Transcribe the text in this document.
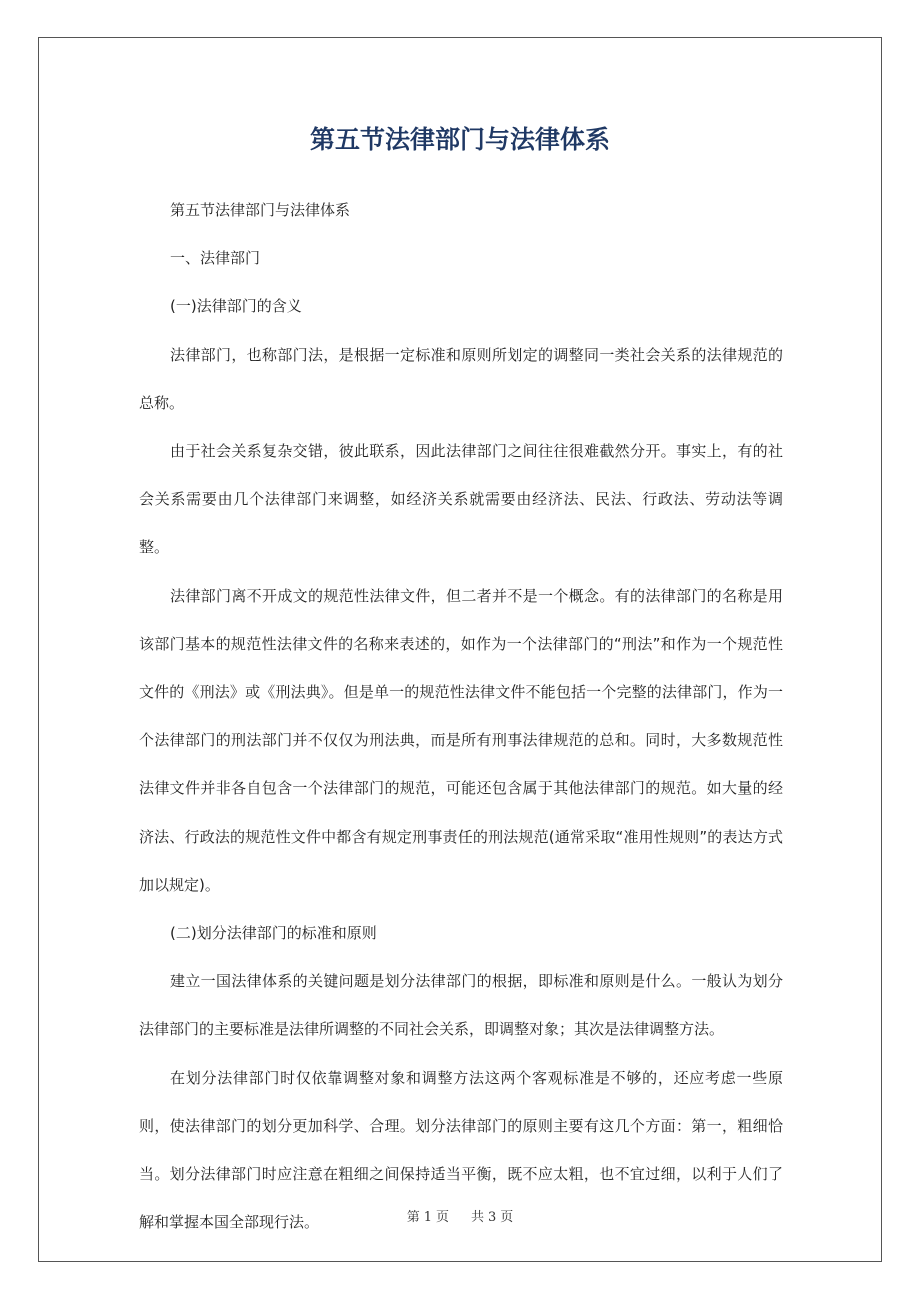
第五节法律部门与法律体系

第五节法律部门与法律体系

一、法律部门

(一)法律部门的含义

法律部门，也称部门法，是根据一定标准和原则所划定的调整同一类社会关系的法律规范的总称。

由于社会关系复杂交错，彼此联系，因此法律部门之间往往很难截然分开。事实上，有的社会关系需要由几个法律部门来调整，如经济关系就需要由经济法、民法、行政法、劳动法等调整。

法律部门离不开成文的规范性法律文件，但二者并不是一个概念。有的法律部门的名称是用该部门基本的规范性法律文件的名称来表述的，如作为一个法律部门的“刑法”和作为一个规范性文件的《刑法》或《刑法典》。但是单一的规范性法律文件不能包括一个完整的法律部门，作为一个法律部门的刑法部门并不仅仅为刑法典，而是所有刑事法律规范的总和。同时，大多数规范性法律文件并非各自包含一个法律部门的规范，可能还包含属于其他法律部门的规范。如大量的经济法、行政法的规范性文件中都含有规定刑事责任的刑法规范(通常采取“准用性规则”的表达方式加以规定)。

(二)划分法律部门的标准和原则

建立一国法律体系的关键问题是划分法律部门的根据，即标准和原则是什么。一般认为划分法律部门的主要标准是法律所调整的不同社会关系，即调整对象；其次是法律调整方法。

在划分法律部门时仅依靠调整对象和调整方法这两个客观标准是不够的，还应考虑一些原则，使法律部门的划分更加科学、合理。划分法律部门的原则主要有这几个方面：第一，粗细恰当。划分法律部门时应注意在粗细之间保持适当平衡，既不应太粗，也不宜过细，以利于人们了解和掌握本国全部现行法。	第 1 页 共 3 页
